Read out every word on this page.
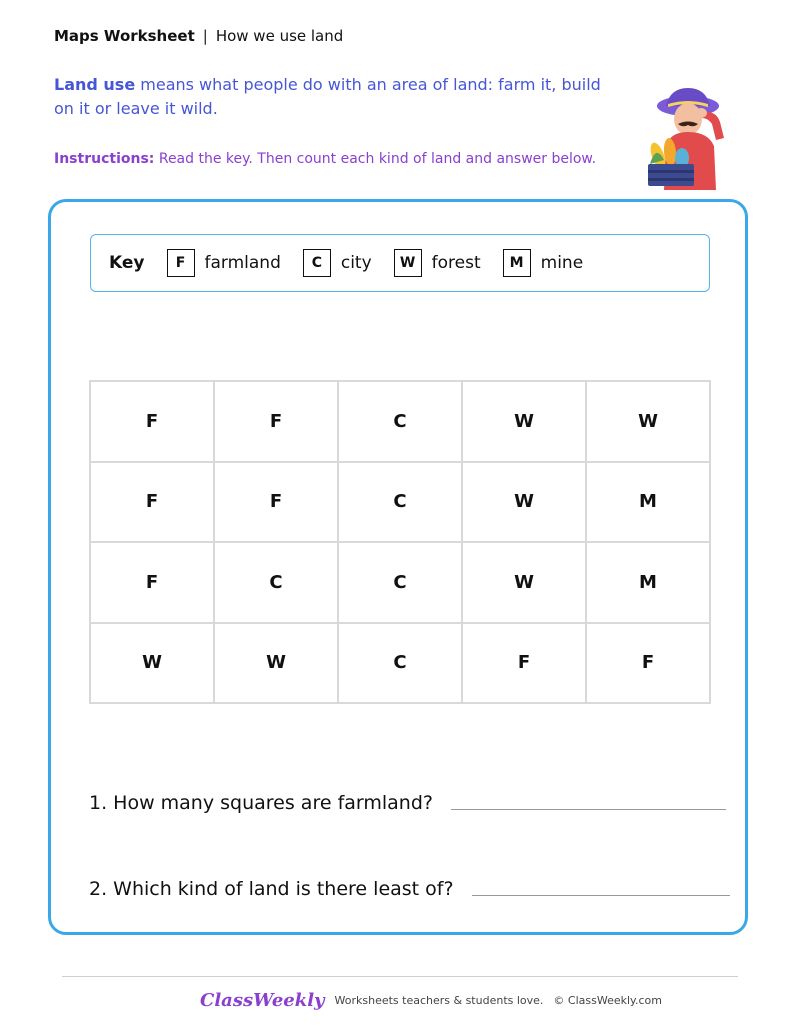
Maps Worksheet | How we use land
Land use means what people do with an area of land: farm it, build on it or leave it wild.
Instructions: Read the key. Then count each kind of land and answer below.
Key	F	farmland	C	city	W forest	M	mine
F	F	C	W	W
F	F	C	W	M
F	C	C	W	M
W	W	C	F	F
1. How many squares are farmland?
2. Which kind of land is there least of?
ClassWeekly Worksheets teachers & students love. © ClassWeekly.com
